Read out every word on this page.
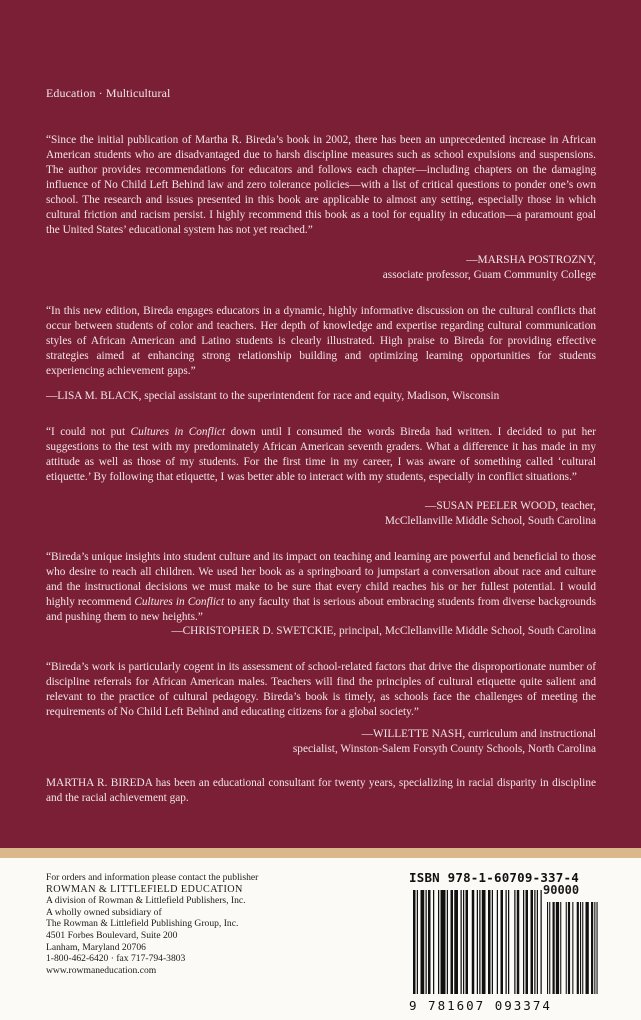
Education · Multicultural

“Since the initial publication of Martha R. Bireda’s book in 2002, there has been an unprecedented increase in African American students who are disadvantaged due to harsh discipline measures such as school expulsions and suspensions. The author provides recommendations for educators and follows each chapter—including chapters on the damaging influence of No Child Left Behind law and zero tolerance policies—with a list of critical questions to ponder one’s own school. The research and issues presented in this book are applicable to almost any setting, especially those in which cultural friction and racism persist. I highly recommend this book as a tool for equality in education—a paramount goal the United States’ educational system has not yet reached.”

—MARSHA POSTROZNY,
associate professor, Guam Community College

“In this new edition, Bireda engages educators in a dynamic, highly informative discussion on the cultural conflicts that occur between students of color and teachers. Her depth of knowledge and expertise regarding cultural communication styles of African American and Latino students is clearly illustrated. High praise to Bireda for providing effective strategies aimed at enhancing strong relationship building and optimizing learning opportunities for students experiencing achievement gaps.”

—LISA M. BLACK, special assistant to the superintendent for race and equity, Madison, Wisconsin

“I could not put Cultures in Conflict down until I consumed the words Bireda had written. I decided to put her suggestions to the test with my predominately African American seventh graders. What a difference it has made in my attitude as well as those of my students. For the first time in my career, I was aware of something called ‘cultural etiquette.’ By following that etiquette, I was better able to interact with my students, especially in conflict situations.”

—SUSAN PEELER WOOD, teacher,
McClellanville Middle School, South Carolina

“Bireda’s unique insights into student culture and its impact on teaching and learning are powerful and beneficial to those who desire to reach all children. We used her book as a springboard to jumpstart a conversation about race and culture and the instructional decisions we must make to be sure that every child reaches his or her fullest potential. I would highly recommend Cultures in Conflict to any faculty that is serious about embracing students from diverse backgrounds and pushing them to new heights.”

—CHRISTOPHER D. SWETCKIE, principal, McClellanville Middle School, South Carolina

“Bireda’s work is particularly cogent in its assessment of school-related factors that drive the disproportionate number of discipline referrals for African American males. Teachers will find the principles of cultural etiquette quite salient and relevant to the practice of cultural pedagogy. Bireda’s book is timely, as schools face the challenges of meeting the requirements of No Child Left Behind and educating citizens for a global society.”

—WILLETTE NASH, curriculum and instructional
specialist, Winston-Salem Forsyth County Schools, North Carolina

MARTHA R. BIREDA has been an educational consultant for twenty years, specializing in racial disparity in discipline and the racial achievement gap.

For orders and information please contact the publisher
ROWMAN & LITTLEFIELD EDUCATION
A division of Rowman & Littlefield Publishers, Inc.
A wholly owned subsidiary of
The Rowman & Littlefield Publishing Group, Inc.
4501 Forbes Boulevard, Suite 200
Lanham, Maryland 20706
1-800-462-6420 · fax 717-794-3803
www.rowmaneducation.com
ISBN 978-1-60709-337-4
90000
9 781607 093374
